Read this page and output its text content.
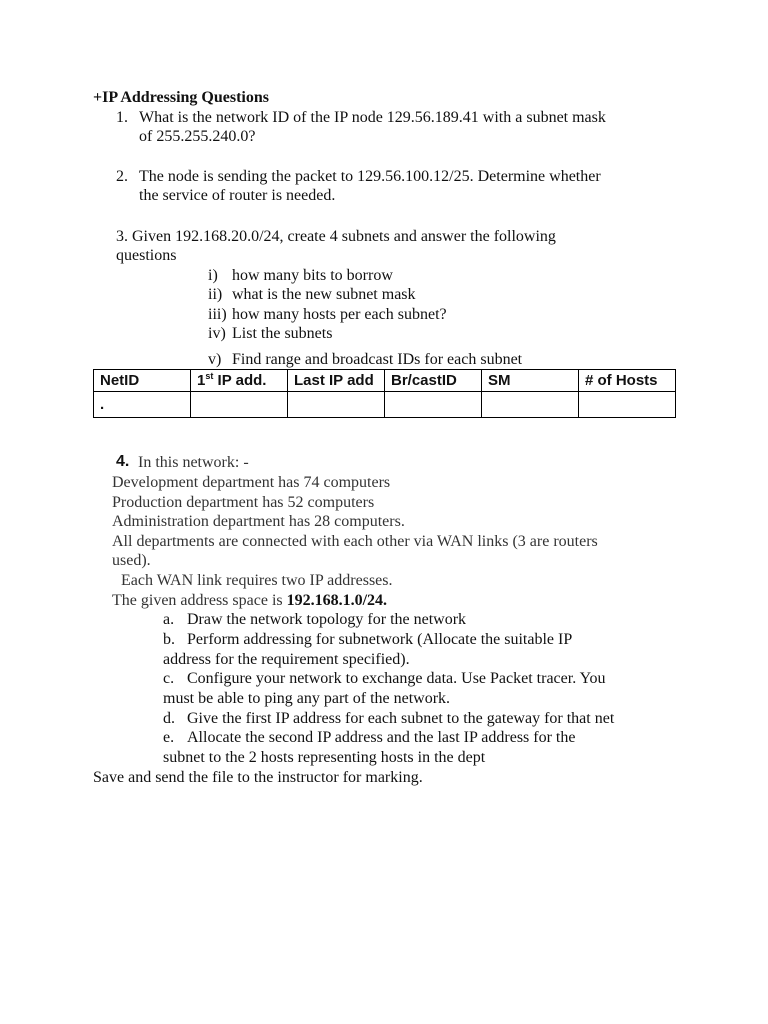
+IP Addressing Questions
1. What is the network ID of the IP node 129.56.189.41 with a subnet mask
of 255.255.240.0?
2. The node is sending the packet to 129.56.100.12/25. Determine whether
the service of router is needed.
3. Given 192.168.20.0/24, create 4 subnets and answer the following
questions
i) how many bits to borrow
ii) what is the new subnet mask
iii) how many hosts per each subnet?
iv) List the subnets
v) Find range and broadcast IDs for each subnet
NetID	1st IP add.	Last IP add	Br/castID	SM	# of Hosts
.					
4. In this network: -
Development department has 74 computers
Production department has 52 computers
Administration department has 28 computers.
All departments are connected with each other via WAN links (3 are routers
used).
Each WAN link requires two IP addresses.
The given address space is 192.168.1.0/24.
a. Draw the network topology for the network
b. Perform addressing for subnetwork (Allocate the suitable IP
address for the requirement specified).
c. Configure your network to exchange data. Use Packet tracer. You
must be able to ping any part of the network.
d. Give the first IP address for each subnet to the gateway for that net
e. Allocate the second IP address and the last IP address for the
subnet to the 2 hosts representing hosts in the dept
Save and send the file to the instructor for marking.
